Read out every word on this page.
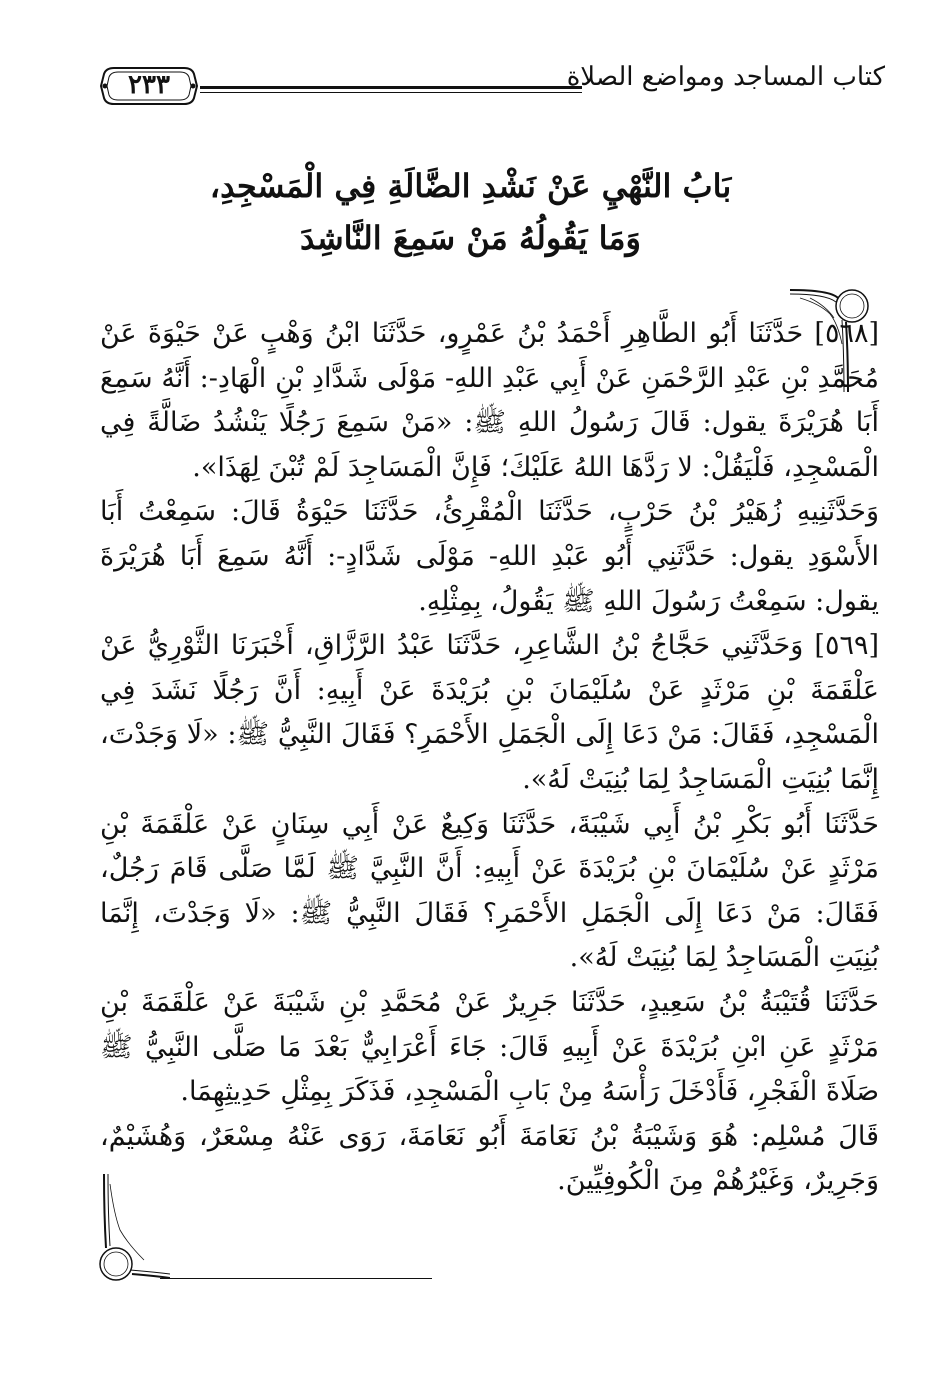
كتاب المساجد ومواضع الصلاة
٢٣٣
بَابُ النَّهْيِ عَنْ نَشْدِ الضَّالَةِ فِي الْمَسْجِدِ،
وَمَا يَقُولُهُ مَنْ سَمِعَ النَّاشِدَ

[٥٦٨] حَدَّثَنَا أَبُو الطَّاهِرِ أَحْمَدُ بْنُ عَمْرٍو، حَدَّثَنَا ابْنُ وَهْبٍ عَنْ حَيْوَةَ عَنْ مُحَمَّدِ بْنِ عَبْدِ الرَّحْمَنِ عَنْ أَبِي عَبْدِ اللهِ- مَوْلَى شَدَّادِ بْنِ الْهَادِ-: أَنَّهُ سَمِعَ أَبَا هُرَيْرَةَ يقول: قَالَ رَسُولُ اللهِ ﷺ: «مَنْ سَمِعَ رَجُلًا يَنْشُدُ ضَالَّةً فِي الْمَسْجِدِ، فَلْيَقُلْ: لا رَدَّهَا اللهُ عَلَيْكَ؛ فَإِنَّ الْمَسَاجِدَ لَمْ تُبْنَ لِهَذَا».

وَحَدَّثَنِيهِ زُهَيْرُ بْنُ حَرْبٍ، حَدَّثَنَا الْمُقْرِئُ، حَدَّثَنَا حَيْوَةُ قَالَ: سَمِعْتُ أَبَا الأَسْوَدِ يقول: حَدَّثَنِي أَبُو عَبْدِ اللهِ- مَوْلَى شَدَّادٍ-: أَنَّهُ سَمِعَ أَبَا هُرَيْرَةَ يقول: سَمِعْتُ رَسُولَ اللهِ ﷺ يَقُولُ، بِمِثْلِهِ.

[٥٦٩] وَحَدَّثَنِي حَجَّاجُ بْنُ الشَّاعِرِ، حَدَّثَنَا عَبْدُ الرَّزَّاقِ، أَخْبَرَنَا الثَّوْرِيُّ عَنْ عَلْقَمَةَ بْنِ مَرْثَدٍ عَنْ سُلَيْمَانَ بْنِ بُرَيْدَةَ عَنْ أَبِيهِ: أَنَّ رَجُلًا نَشَدَ فِي الْمَسْجِدِ، فَقَالَ: مَنْ دَعَا إِلَى الْجَمَلِ الأَحْمَرِ؟ فَقَالَ النَّبِيُّ ﷺ: «لَا وَجَدْتَ، إِنَّمَا بُنِيَتِ الْمَسَاجِدُ لِمَا بُنِيَتْ لَهُ».

حَدَّثَنَا أَبُو بَكْرِ بْنُ أَبِي شَيْبَةَ، حَدَّثَنَا وَكِيعٌ عَنْ أَبِي سِنَانٍ عَنْ عَلْقَمَةَ بْنِ مَرْثَدٍ عَنْ سُلَيْمَانَ بْنِ بُرَيْدَةَ عَنْ أَبِيهِ: أَنَّ النَّبِيَّ ﷺ لَمَّا صَلَّى قَامَ رَجُلٌ، فَقَالَ: مَنْ دَعَا إِلَى الْجَمَلِ الأَحْمَرِ؟ فَقَالَ النَّبِيُّ ﷺ: «لَا وَجَدْتَ، إِنَّمَا بُنِيَتِ الْمَسَاجِدُ لِمَا بُنِيَتْ لَهُ».

حَدَّثَنَا قُتَيْبَةُ بْنُ سَعِيدٍ، حَدَّثَنَا جَرِيرٌ عَنْ مُحَمَّدِ بْنِ شَيْبَةَ عَنْ عَلْقَمَةَ بْنِ مَرْثَدٍ عَنِ ابْنِ بُرَيْدَةَ عَنْ أَبِيهِ قَالَ: جَاءَ أَعْرَابِيٌّ بَعْدَ مَا صَلَّى النَّبِيُّ ﷺ صَلَاةَ الْفَجْرِ، فَأَدْخَلَ رَأْسَهُ مِنْ بَابِ الْمَسْجِدِ، فَذَكَرَ بِمِثْلِ حَدِيثِهِمَا.

قَالَ مُسْلِم: هُوَ وَشَيْبَةُ بْنُ نَعَامَةَ أَبُو نَعَامَةَ، رَوَى عَنْهُ مِسْعَرٌ، وَهُشَيْمٌ، وَجَرِيرٌ، وَغَيْرُهُمْ مِنَ الْكُوفِيِّينَ.
